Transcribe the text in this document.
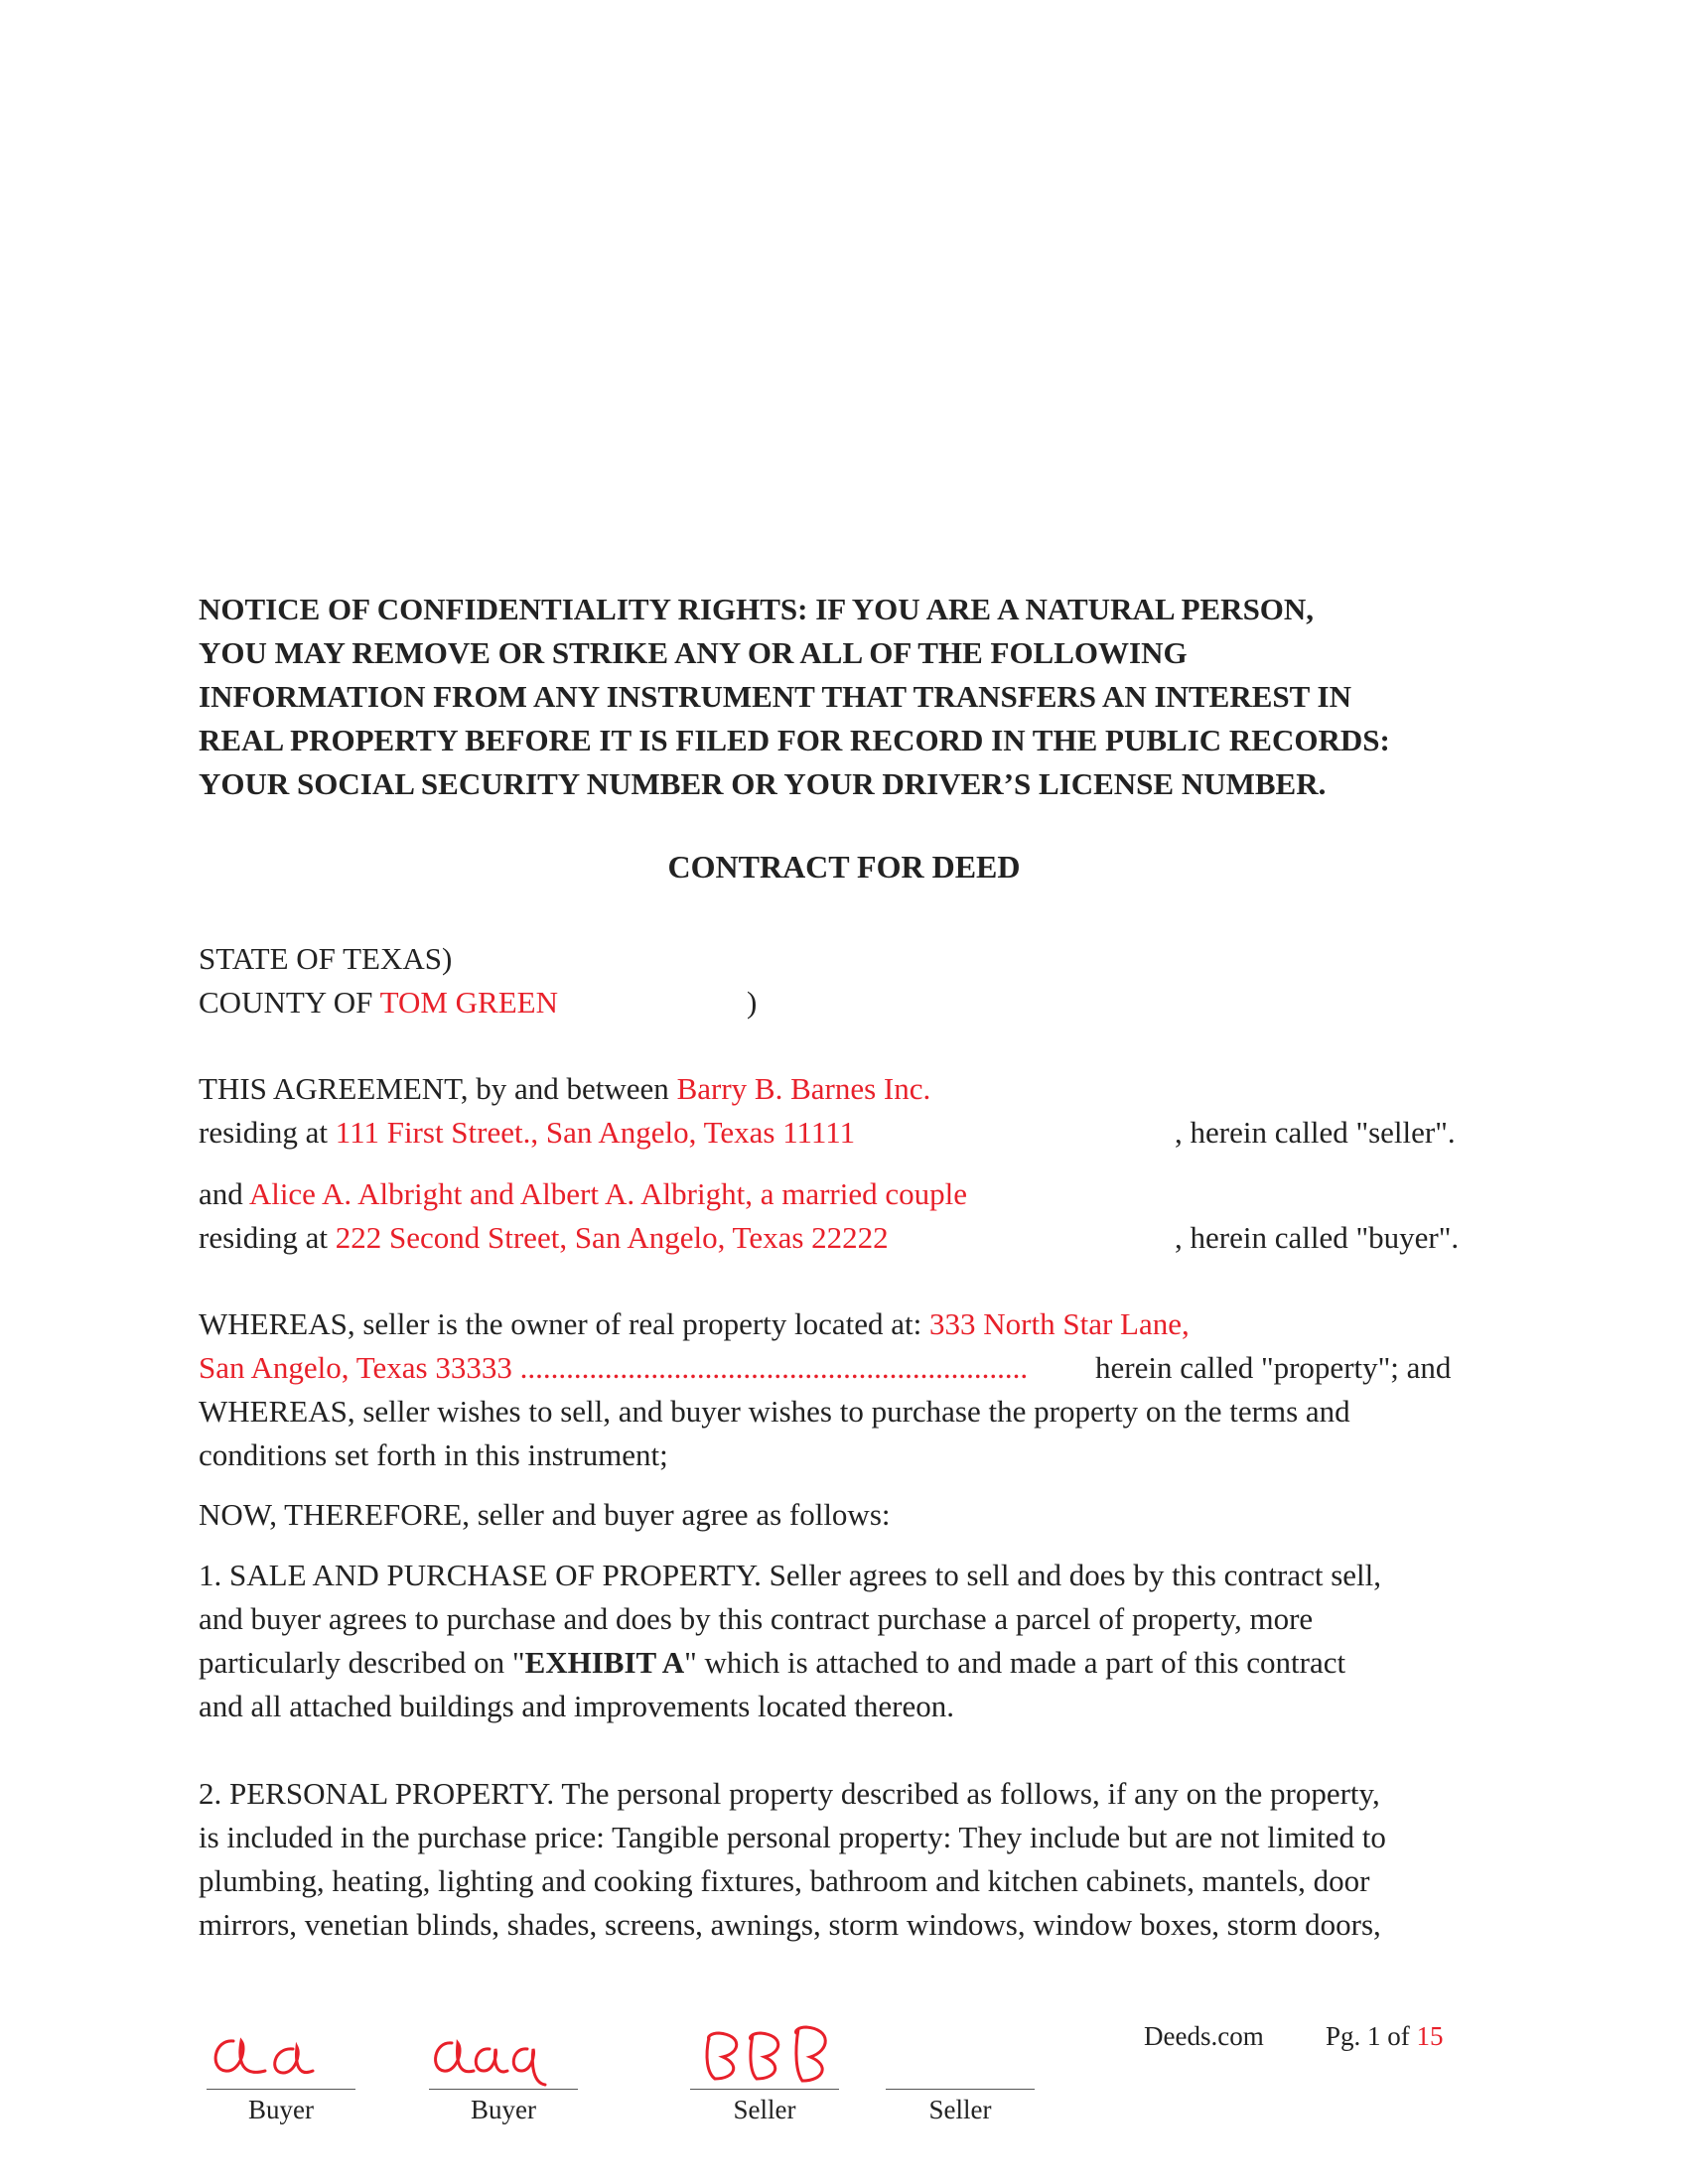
NOTICE OF CONFIDENTIALITY RIGHTS: IF YOU ARE A NATURAL PERSON,
YOU MAY REMOVE OR STRIKE ANY OR ALL OF THE FOLLOWING
INFORMATION FROM ANY INSTRUMENT THAT TRANSFERS AN INTEREST IN
REAL PROPERTY BEFORE IT IS FILED FOR RECORD IN THE PUBLIC RECORDS:
YOUR SOCIAL SECURITY NUMBER OR YOUR DRIVER’S LICENSE NUMBER.
CONTRACT FOR DEED
STATE OF TEXAS)
COUNTY OF TOM GREEN	)
THIS AGREEMENT, by and between Barry B. Barnes Inc.
residing at 111 First Street., San Angelo, Texas 11111	, herein called "seller".
and Alice A. Albright and Albert A. Albright, a married couple
residing at 222 Second Street, San Angelo, Texas 22222	, herein called "buyer".
WHEREAS, seller is the owner of real property located at: 333 North Star Lane,
San Angelo, Texas 33333 .................................................................. herein called "property"; and
WHEREAS, seller wishes to sell, and buyer wishes to purchase the property on the terms and
conditions set forth in this instrument;
NOW, THEREFORE, seller and buyer agree as follows:
1. SALE AND PURCHASE OF PROPERTY. Seller agrees to sell and does by this contract sell,
and buyer agrees to purchase and does by this contract purchase a parcel of property, more
particularly described on "EXHIBIT A" which is attached to and made a part of this contract
and all attached buildings and improvements located thereon.
2. PERSONAL PROPERTY. The personal property described as follows, if any on the property,
is included in the purchase price: Tangible personal property: They include but are not limited to
plumbing, heating, lighting and cooking fixtures, bathroom and kitchen cabinets, mantels, door
mirrors, venetian blinds, shades, screens, awnings, storm windows, window boxes, storm doors,
Deeds.com Pg. 1 of 15
Buyer	Buyer	Seller	Seller
